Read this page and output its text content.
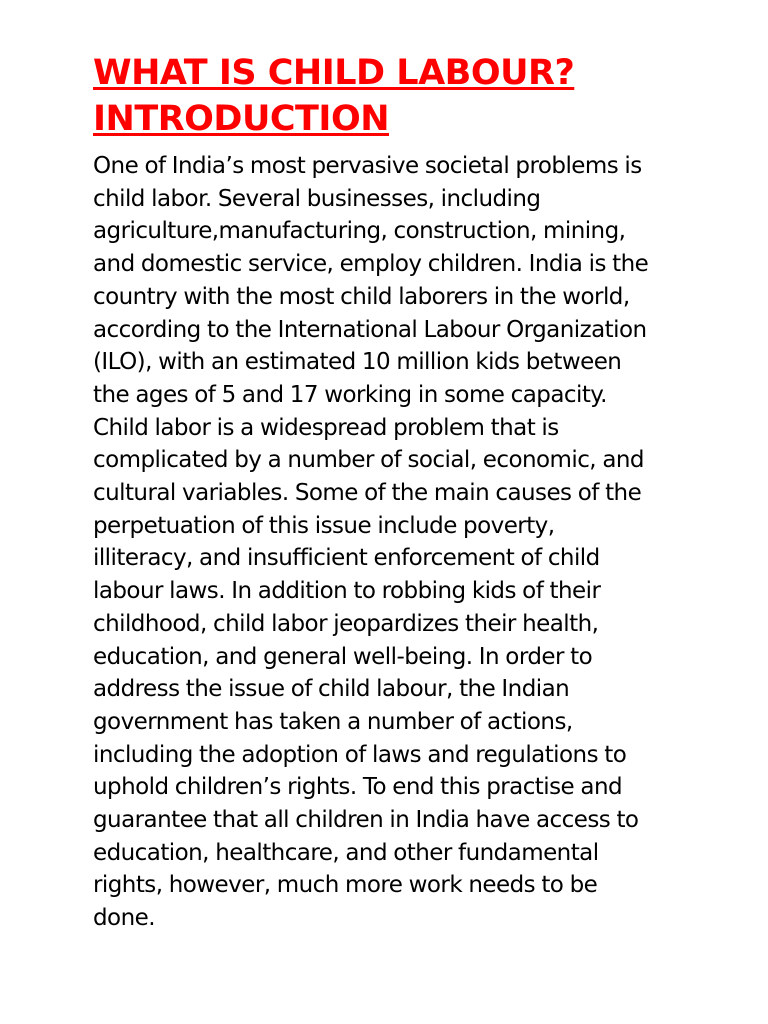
WHAT IS CHILD LABOUR?
INTRODUCTION

One of India’s most pervasive societal problems is
child labor. Several businesses, including
agriculture,manufacturing, construction, mining,
and domestic service, employ children. India is the
country with the most child laborers in the world,
according to the International Labour Organization
(ILO), with an estimated 10 million kids between
the ages of 5 and 17 working in some capacity.
Child labor is a widespread problem that is
complicated by a number of social, economic, and
cultural variables. Some of the main causes of the
perpetuation of this issue include poverty,
illiteracy, and insufficient enforcement of child
labour laws. In addition to robbing kids of their
childhood, child labor jeopardizes their health,
education, and general well-being. In order to
address the issue of child labour, the Indian
government has taken a number of actions,
including the adoption of laws and regulations to
uphold children’s rights. To end this practise and
guarantee that all children in India have access to
education, healthcare, and other fundamental
rights, however, much more work needs to be
done.
